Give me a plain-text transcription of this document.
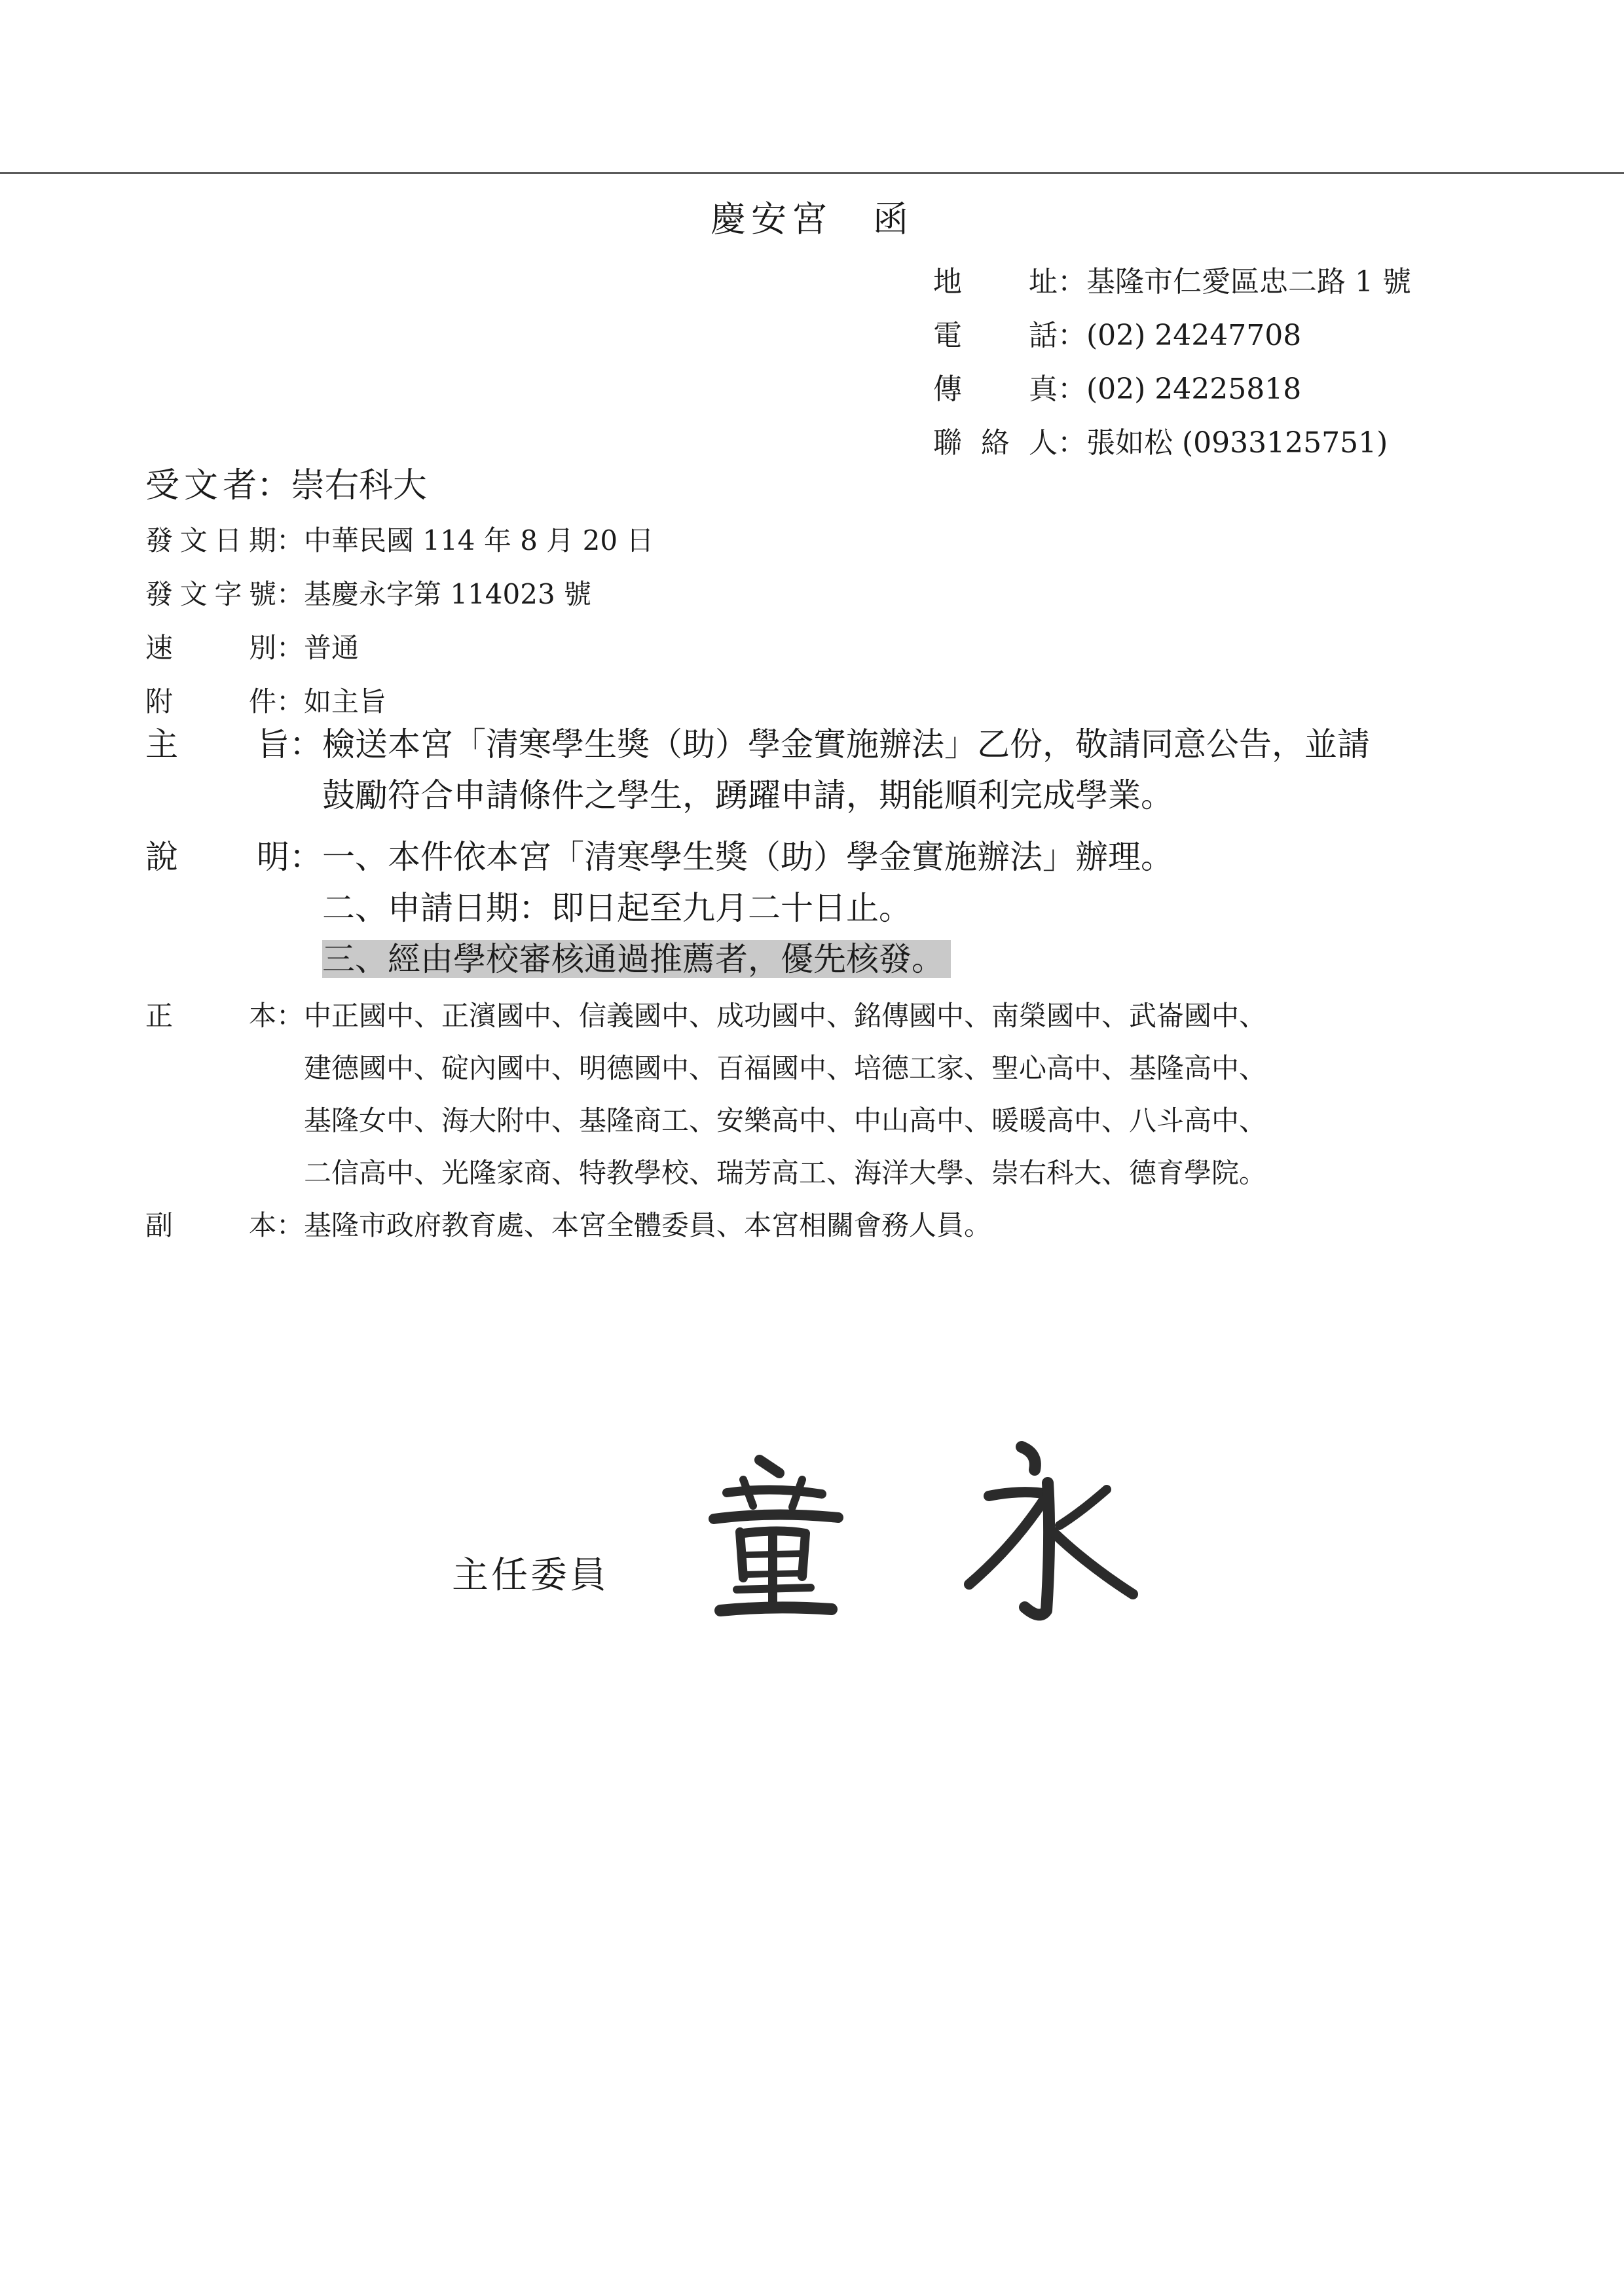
慶安宮　函
地址 ： 基隆市仁愛區忠二路 1 號
電話 ： (02) 24247708
傳真 ： (02) 24225818
聯絡人 ： 張如松 (0933125751)
受文者 ： 崇右科大
發文日期 ： 中華民國 114 年 8 月 20 日
發文字號 ： 基慶永字第 114023 號
速別 ： 普通
附件 ： 如主旨
主旨 ： 檢送本宮「清寒學生獎（助）學金實施辦法」乙份，敬請同意公告，並請
鼓勵符合申請條件之學生，踴躍申請，期能順利完成學業。
說明 ： 一、本件依本宮「清寒學生獎（助）學金實施辦法」辦理。
二、申請日期：即日起至九月二十日止。
三、經由學校審核通過推薦者，優先核發。
正本 ： 中正國中、正濱國中、信義國中、成功國中、銘傳國中、南榮國中、武崙國中、
建德國中、碇內國中、明德國中、百福國中、培德工家、聖心高中、基隆高中、
基隆女中、海大附中、基隆商工、安樂高中、中山高中、暖暖高中、八斗高中、
二信高中、光隆家商、特教學校、瑞芳高工、海洋大學、崇右科大、德育學院。
副本 ： 基隆市政府教育處、本宮全體委員、本宮相關會務人員。
主任委員
